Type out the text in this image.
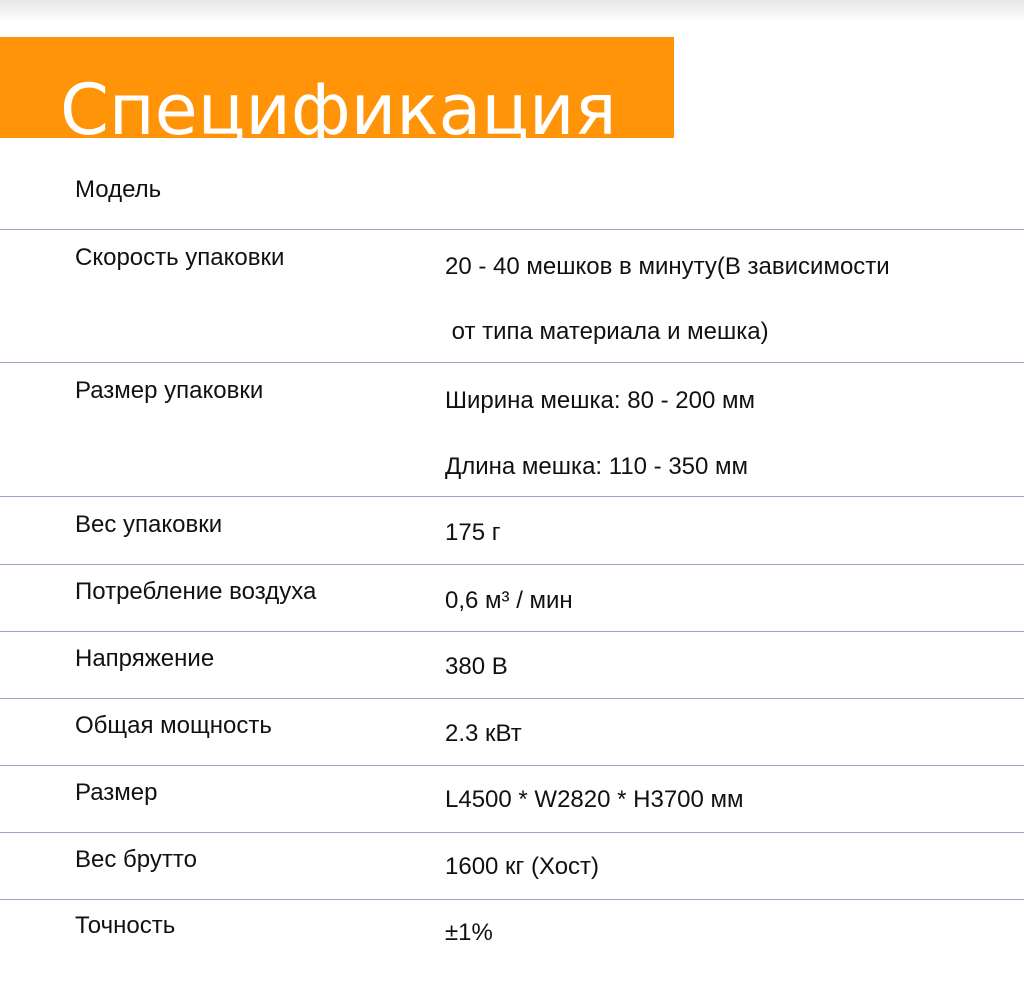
Спецификация
Модель
Скорость упаковки	20 - 40 мешков в минуту(В зависимости
от типа материала и мешка)
Размер упаковки	Ширина мешка: 80 - 200 мм
Длина мешка: 110 - 350 мм
Вес упаковки	175 г
Потребление воздуха	0,6 м³ / мин
Напряжение	380 В
Общая мощность	2.3 кВт
Размер	L4500 * W2820 * H3700 мм
Вес брутто	1600 кг (Хост)
Точность	±1%
